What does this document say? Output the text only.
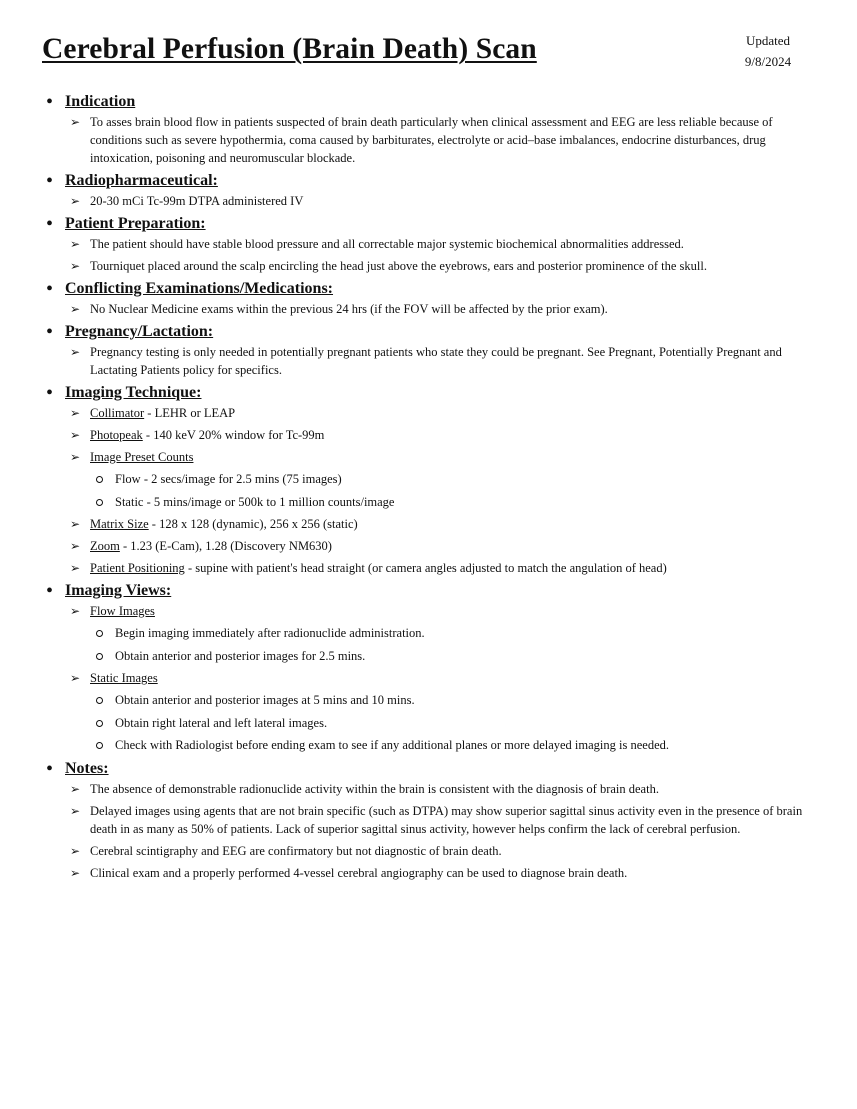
Cerebral Perfusion (Brain Death) Scan	Updated
9/8/2024
• Indication
➢ To asses brain blood flow in patients suspected of brain death particularly when clinical assessment and EEG are less reliable because of conditions such as severe hypothermia, coma caused by barbiturates, electrolyte or acid–base imbalances, endocrine disturbances, drug intoxication, poisoning and neuromuscular blockade.
• Radiopharmaceutical:
➢ 20-30 mCi Tc-99m DTPA administered IV
• Patient Preparation:
➢ The patient should have stable blood pressure and all correctable major systemic biochemical abnormalities addressed.
➢ Tourniquet placed around the scalp encircling the head just above the eyebrows, ears and posterior prominence of the skull.
• Conflicting Examinations/Medications:
➢ No Nuclear Medicine exams within the previous 24 hrs (if the FOV will be affected by the prior exam).
• Pregnancy/Lactation:
➢ Pregnancy testing is only needed in potentially pregnant patients who state they could be pregnant. See Pregnant, Potentially Pregnant and Lactating Patients policy for specifics.
• Imaging Technique:
➢ Collimator - LEHR or LEAP
➢ Photopeak - 140 keV 20% window for Tc-99m
➢ Image Preset Counts
Flow - 2 secs/image for 2.5 mins (75 images)
Static - 5 mins/image or 500k to 1 million counts/image
➢ Matrix Size - 128 x 128 (dynamic), 256 x 256 (static)
➢ Zoom - 1.23 (E-Cam), 1.28 (Discovery NM630)
➢ Patient Positioning - supine with patient's head straight (or camera angles adjusted to match the angulation of head)
• Imaging Views:
➢ Flow Images
Begin imaging immediately after radionuclide administration.
Obtain anterior and posterior images for 2.5 mins.
➢ Static Images
Obtain anterior and posterior images at 5 mins and 10 mins.
Obtain right lateral and left lateral images.
Check with Radiologist before ending exam to see if any additional planes or more delayed imaging is needed.
• Notes:
➢ The absence of demonstrable radionuclide activity within the brain is consistent with the diagnosis of brain death.
➢ Delayed images using agents that are not brain specific (such as DTPA) may show superior sagittal sinus activity even in the presence of brain death in as many as 50% of patients. Lack of superior sagittal sinus activity, however helps confirm the lack of cerebral perfusion.
➢ Cerebral scintigraphy and EEG are confirmatory but not diagnostic of brain death.
➢ Clinical exam and a properly performed 4-vessel cerebral angiography can be used to diagnose brain death.
